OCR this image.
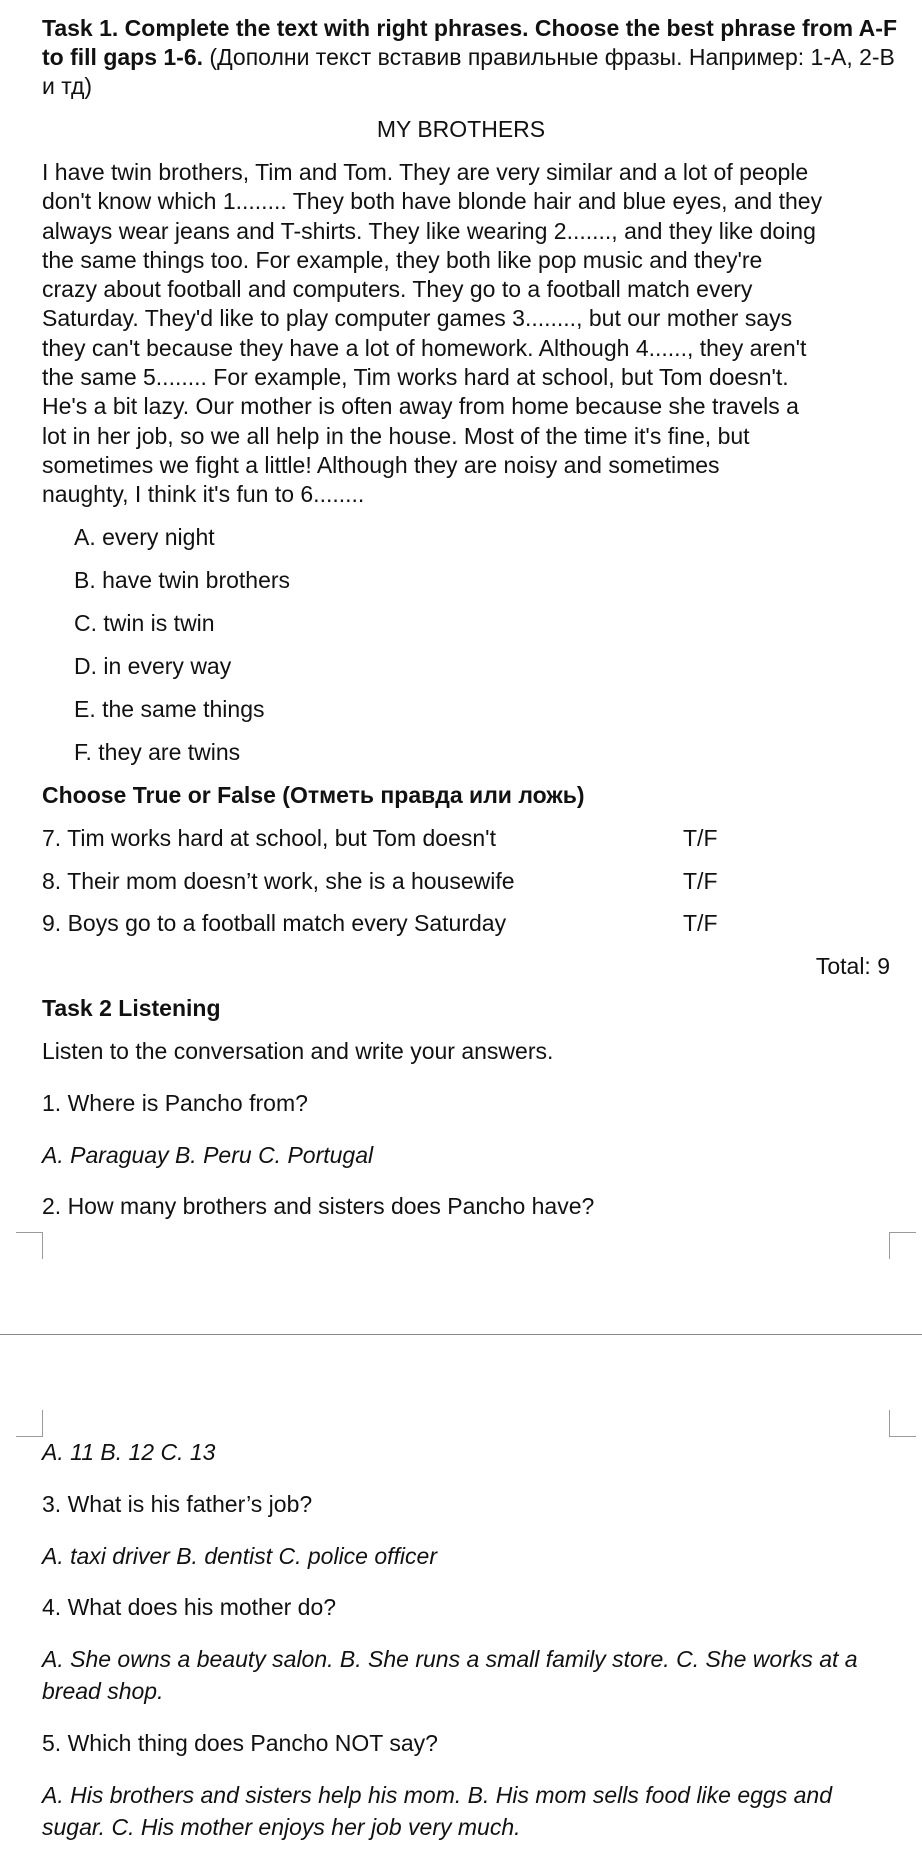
Task 1. Complete the text with right phrases. Choose the best phrase from A-F to fill gaps 1-6. (Дополни текст вставив правильные фразы. Например: 1-A, 2-B и тд)
MY BROTHERS
I have twin brothers, Tim and Tom. They are very similar and a lot of people
don't know which 1........ They both have blonde hair and blue eyes, and they
always wear jeans and T-shirts. They like wearing 2......., and they like doing
the same things too. For example, they both like pop music and they're
crazy about football and computers. They go to a football match every
Saturday. They'd like to play computer games 3........, but our mother says
they can't because they have a lot of homework. Although 4......, they aren't
the same 5........ For example, Tim works hard at school, but Tom doesn't.
He's a bit lazy. Our mother is often away from home because she travels a
lot in her job, so we all help in the house. Most of the time it's fine, but
sometimes we fight a little! Although they are noisy and sometimes
naughty, I think it's fun to 6........
A. every night
B. have twin brothers
C. twin is twin
D. in every way
E. the same things
F. they are twins
Choose True or False (Отметь правда или ложь)
7. Tim works hard at school, but Tom doesn't	T/F
8. Their mom doesn’t work, she is a housewife	T/F
9. Boys go to a football match every Saturday	T/F
Total: 9
Task 2 Listening
Listen to the conversation and write your answers.
1. Where is Pancho from?
A. Paraguay B. Peru C. Portugal
2. How many brothers and sisters does Pancho have?
A. 11 B. 12 C. 13
3. What is his father’s job?
A. taxi driver B. dentist C. police officer
4. What does his mother do?
A. She owns a beauty salon. B. She runs a small family store. C. She works at a bread shop.
5. Which thing does Pancho NOT say?
A. His brothers and sisters help his mom. B. His mom sells food like eggs and sugar. C. His mother enjoys her job very much.
